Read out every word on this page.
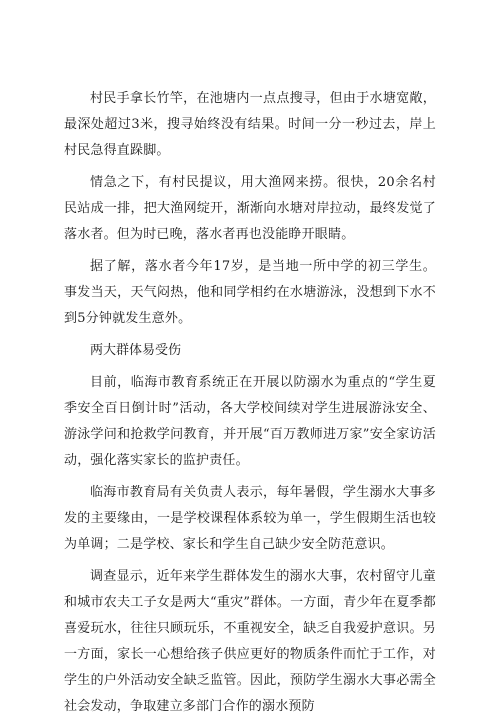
村民手拿长竹竿，在池塘内一点点搜寻，但由于水塘宽敞，最深处超过3米，搜寻始终没有结果。时间一分一秒过去，岸上村民急得直跺脚。

情急之下，有村民提议，用大渔网来捞。很快，20余名村民站成一排，把大渔网绽开，渐渐向水塘对岸拉动，最终发觉了落水者。但为时已晚，落水者再也没能睁开眼睛。

据了解，落水者今年17岁，是当地一所中学的初三学生。事发当天，天气闷热，他和同学相约在水塘游泳，没想到下水不到5分钟就发生意外。

两大群体易受伤

目前，临海市教育系统正在开展以防溺水为重点的“学生夏季安全百日倒计时”活动，各大学校间续对学生进展游泳安全、游泳学问和抢救学问教育，并开展“百万教师进万家”安全家访活动，强化落实家长的监护责任。

临海市教育局有关负责人表示，每年暑假，学生溺水大事多发的主要缘由，一是学校课程体系较为单一，学生假期生活也较为单调；二是学校、家长和学生自己缺少安全防范意识。

调查显示，近年来学生群体发生的溺水大事，农村留守儿童和城市农夫工子女是两大“重灾”群体。一方面，青少年在夏季都喜爱玩水，往往只顾玩乐，不重视安全，缺乏自我爱护意识。另一方面，家长一心想给孩子供应更好的物质条件而忙于工作，对学生的户外活动安全缺乏监管。因此，预防学生溺水大事必需全社会发动，争取建立多部门合作的溺水预防
